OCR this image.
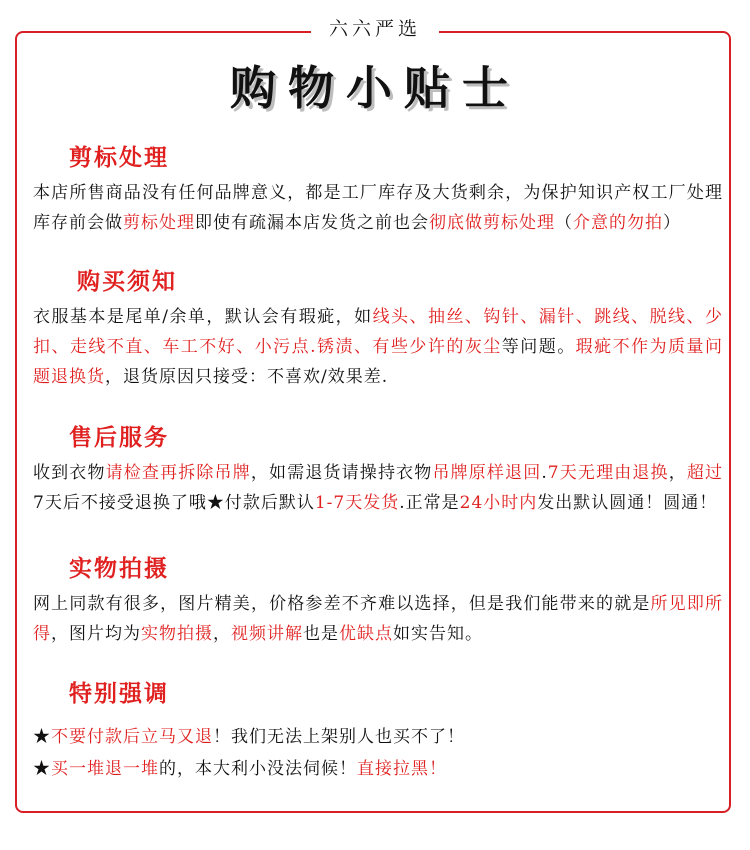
六六严选
购物小贴士
剪标处理

本店所售商品没有任何品牌意义，都是工厂库存及大货剩余，为保护知识产权工厂处理库存前会做剪标处理即使有疏漏本店发货之前也会彻底做剪标处理（介意的勿拍）

购买须知

衣服基本是尾单/余单，默认会有瑕疵，如线头、抽丝、钩针、漏针、跳线、脱线、少扣、走线不直、车工不好、小污点.锈渍、有些少许的灰尘等问题。瑕疵不作为质量问题退换货，退货原因只接受：不喜欢/效果差.

售后服务

收到衣物请检查再拆除吊牌，如需退货请操持衣物吊牌原样退回.7天无理由退换，超过7天后不接受退换了哦★付款后默认1-7天发货.正常是24小时内发出默认圆通！圆通！

实物拍摄

网上同款有很多，图片精美，价格参差不齐难以选择，但是我们能带来的就是所见即所得，图片均为实物拍摄，视频讲解也是优缺点如实告知。

特别强调

★不要付款后立马又退！我们无法上架别人也买不了！

★买一堆退一堆的，本大利小没法伺候！直接拉黑！
